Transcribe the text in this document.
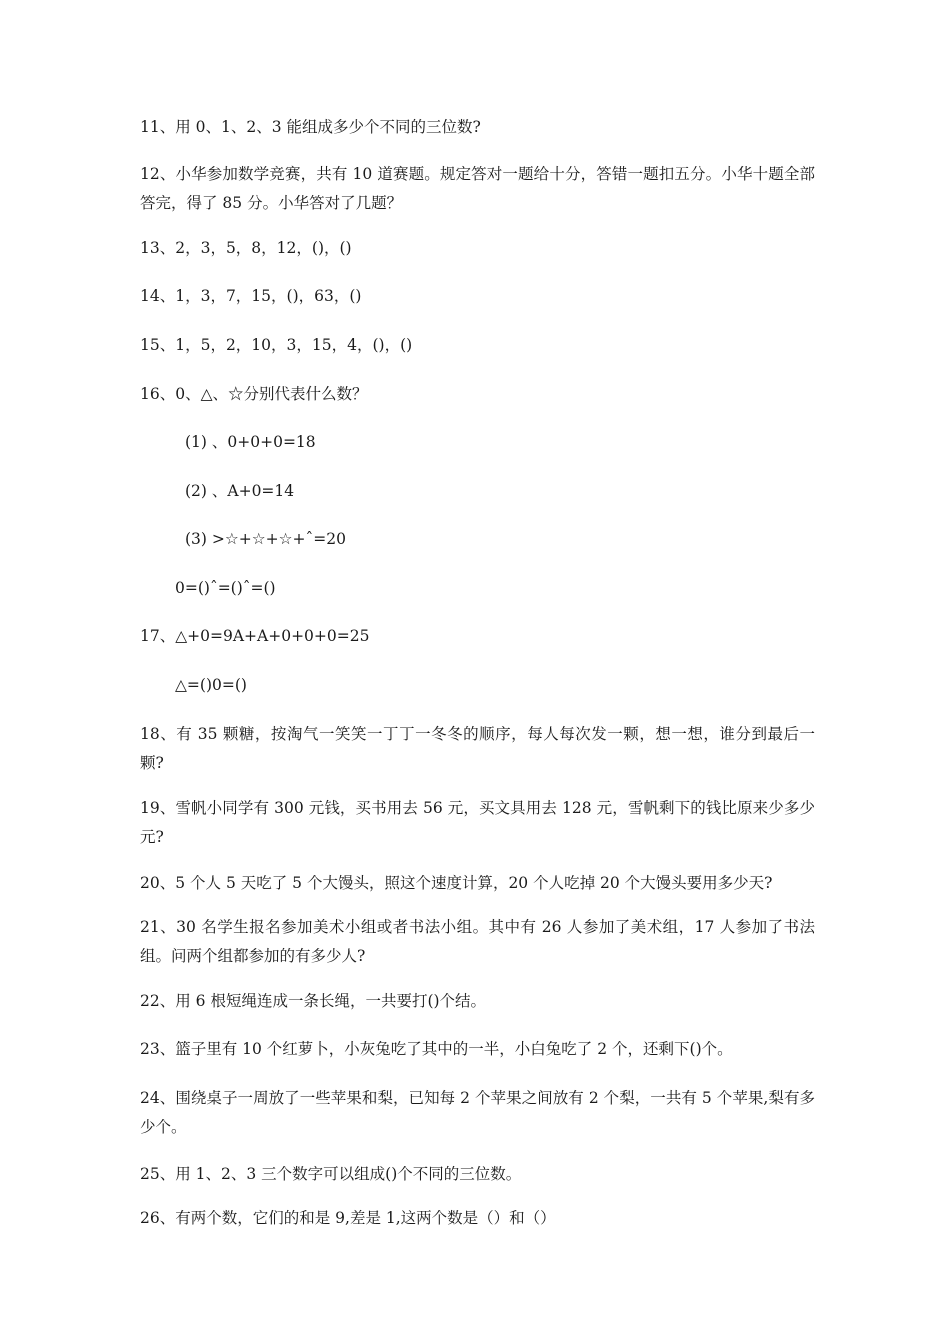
11、用 0、1、2、3 能组成多少个不同的三位数?
12、小华参加数学竞赛，共有 10 道赛题。规定答对一题给十分，答错一题扣五分。小华十题全部答完，得了 85 分。小华答对了几题？
13、2，3，5，8，12，()，()
14、1，3，7，15，()，63，()
15、1，5，2，10，3，15，4，()，()
16、0、△、☆分别代表什么数？
(1) 、0+0+0=18
(2) 、A+0=14
(3) >☆+☆+☆+ˆ=20
0=()ˆ=()ˆ=()
17、△+0=9A+A+0+0+0=25
△=()0=()
18、有 35 颗糖，按淘气一笑笑一丁丁一冬冬的顺序，每人每次发一颗，想一想，谁分到最后一颗?
19、雪帆小同学有 300 元钱，买书用去 56 元，买文具用去 128 元，雪帆剩下的钱比原来少多少元?
20、5 个人 5 天吃了 5 个大馒头，照这个速度计算，20 个人吃掉 20 个大馒头要用多少天?
21、30 名学生报名参加美术小组或者书法小组。其中有 26 人参加了美术组，17 人参加了书法组。问两个组都参加的有多少人?
22、用 6 根短绳连成一条长绳，一共要打()个结。
23、篮子里有 10 个红萝卜，小灰兔吃了其中的一半，小白兔吃了 2 个，还剩下()个。
24、围绕桌子一周放了一些苹果和梨，已知每 2 个苹果之间放有 2 个梨，一共有 5 个苹果,梨有多少个。
25、用 1、2、3 三个数字可以组成()个不同的三位数。
26、有两个数，它们的和是 9,差是 1,这两个数是（）和（）
